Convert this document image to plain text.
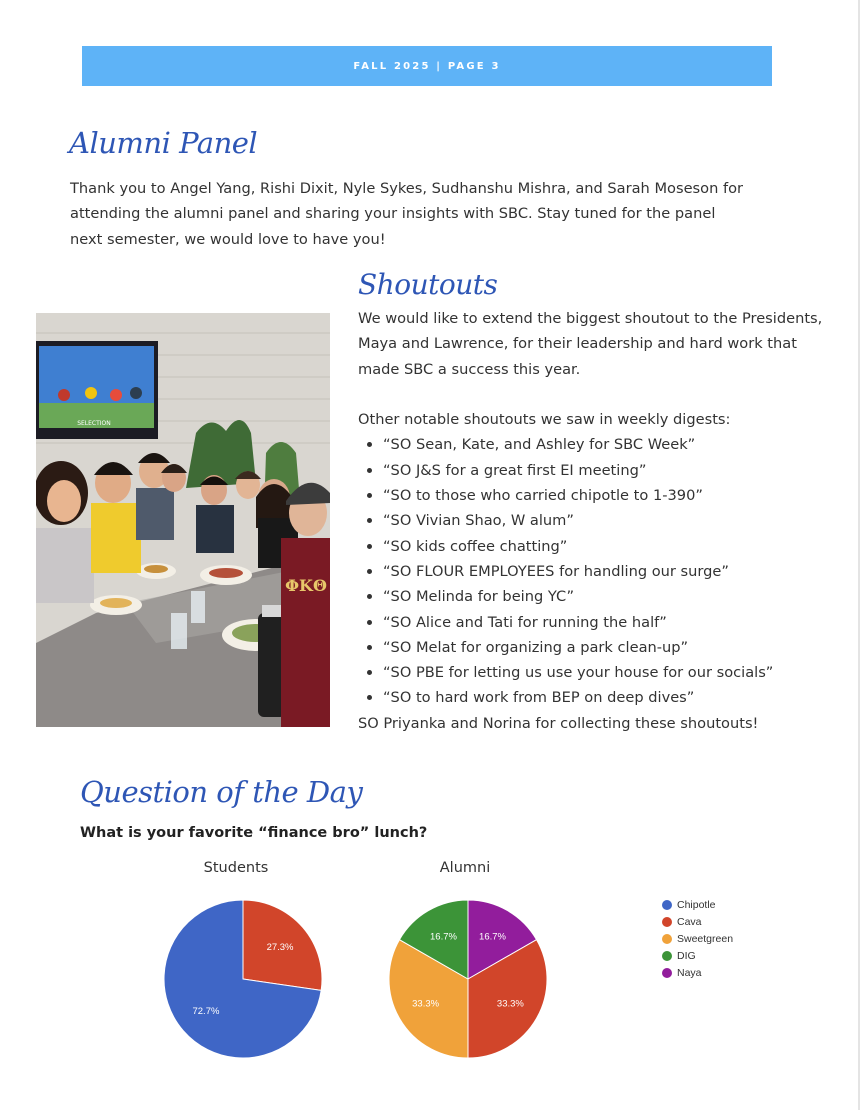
FALL 2025 | PAGE 3
Alumni Panel

Thank you to Angel Yang, Rishi Dixit, Nyle Sykes, Sudhanshu Mishra, and Sarah Moseson for attending the alumni panel and sharing your insights with SBC. Stay tuned for the panel next semester, we would love to have you!

SELECTION
ΦΚΘ
Shoutouts

We would like to extend the biggest shoutout to the Presidents, Maya and Lawrence, for their leadership and hard work that made SBC a success this year.

Other notable shoutouts we saw in weekly digests:

“SO Sean, Kate, and Ashley for SBC Week”
“SO J&S for a great first EI meeting”
“SO to those who carried chipotle to 1-390”
“SO Vivian Shao, W alum”
“SO kids coffee chatting”
“SO FLOUR EMPLOYEES for handling our surge”
“SO Melinda for being YC”
“SO Alice and Tati for running the half”
“SO Melat for organizing a park clean-up”
“SO PBE for letting us use your house for our socials”
“SO to hard work from BEP on deep dives”

SO Priyanka and Norina for collecting these shoutouts!

Question of the Day

What is your favorite “finance bro” lunch?

Students
27.3%
72.7%
Alumni
16.7%
33.3%
33.3%
16.7%
Chipotle
Cava
Sweetgreen
DIG
Naya
